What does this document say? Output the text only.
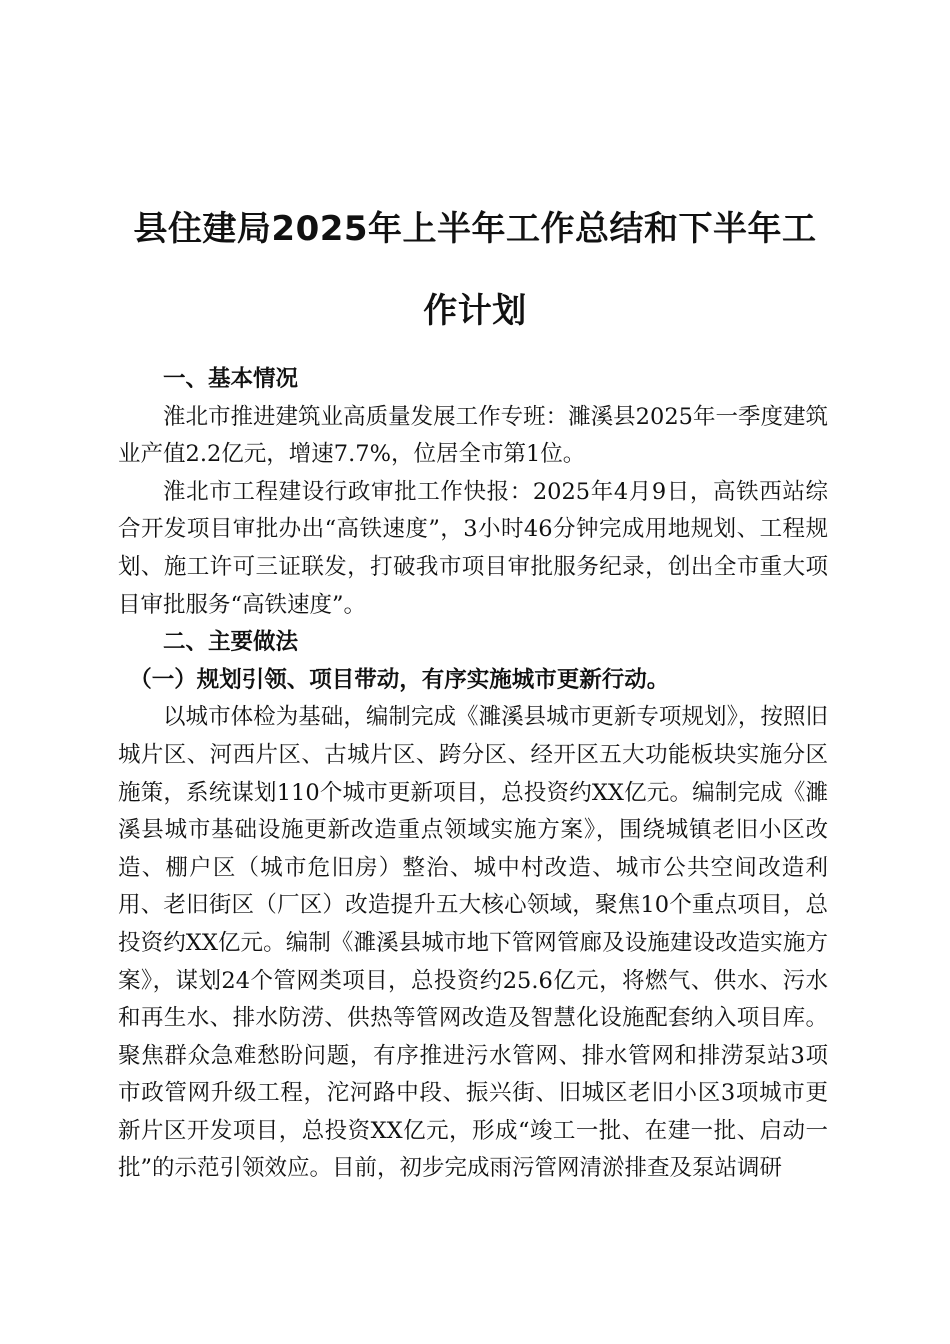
县住建局2025年上半年工作总结和下半年工作计划

一、基本情况

淮北市推进建筑业高质量发展工作专班：濉溪县2025年一季度建筑业产值2.2亿元，增速7.7%，位居全市第1位。

淮北市工程建设行政审批工作快报：2025年4月9日，高铁西站综合开发项目审批办出“高铁速度”，3小时46分钟完成用地规划、工程规划、施工许可三证联发，打破我市项目审批服务纪录，创出全市重大项目审批服务“高铁速度”。

二、主要做法

（一）规划引领、项目带动，有序实施城市更新行动。

以城市体检为基础，编制完成《濉溪县城市更新专项规划》，按照旧城片区、河西片区、古城片区、跨分区、经开区五大功能板块实施分区施策，系统谋划110个城市更新项目，总投资约XX亿元。编制完成《濉溪县城市基础设施更新改造重点领域实施方案》，围绕城镇老旧小区改造、棚户区（城市危旧房）整治、城中村改造、城市公共空间改造利用、老旧街区（厂区）改造提升五大核心领域，聚焦10个重点项目，总投资约XX亿元。编制《濉溪县城市地下管网管廊及设施建设改造实施方案》，谋划24个管网类项目，总投资约25.6亿元，将燃气、供水、污水和再生水、排水防涝、供热等管网改造及智慧化设施配套纳入项目库。聚焦群众急难愁盼问题，有序推进污水管网、排水管网和排涝泵站3项市政管网升级工程，沱河路中段、振兴街、旧城区老旧小区3项城市更新片区开发项目，总投资XX亿元，形成“竣工一批、在建一批、启动一批”的示范引领效应。目前，初步完成雨污管网清淤排查及泵站调研
